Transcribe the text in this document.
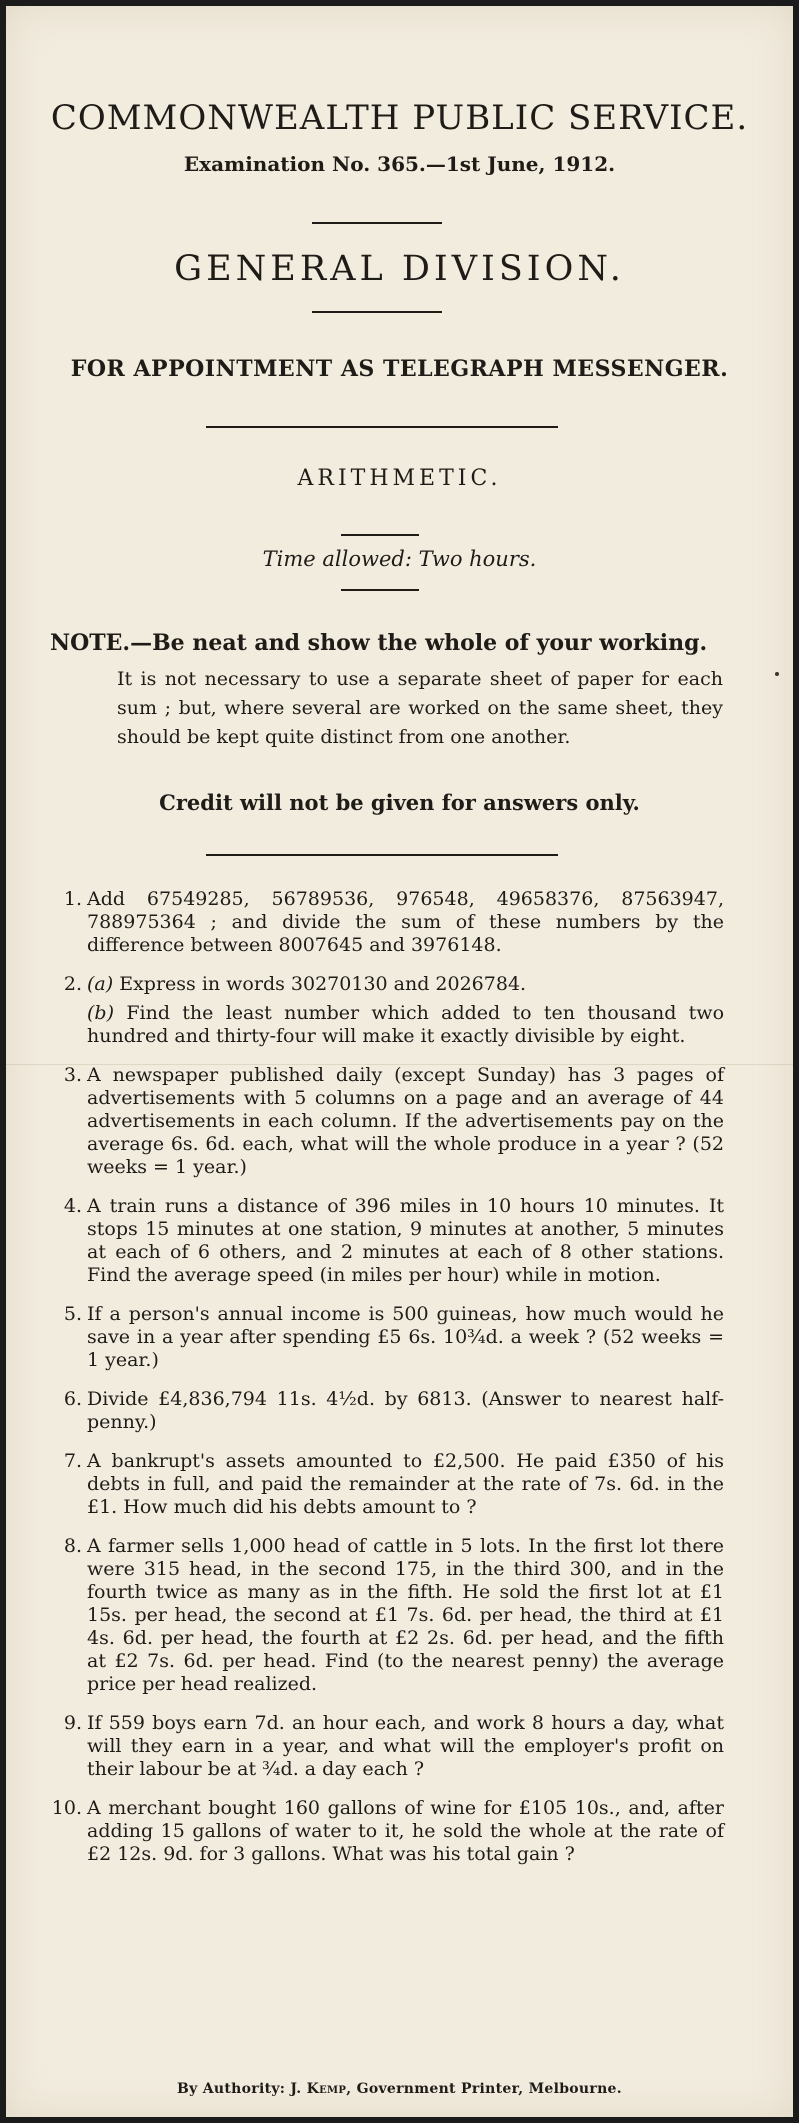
COMMONWEALTH PUBLIC SERVICE.
Examination No. 365.—1st June, 1912.
GENERAL DIVISION.
FOR APPOINTMENT AS TELEGRAPH MESSENGER.
ARITHMETIC.
Time allowed: Two hours.
NOTE.—Be neat and show the whole of your working.
It is not necessary to use a separate sheet of paper for each sum ; but, where several are worked on the same sheet, they should be kept quite distinct from one another.
Credit will not be given for answers only.
1. Add 67549285, 56789536, 976548, 49658376, 87563947, 788975364 ; and divide the sum of these numbers by the difference between 8007645 and 3976148.
2. (a) Express in words 30270130 and 2026784.
(b) Find the least number which added to ten thousand two hundred and thirty-four will make it exactly divisible by eight.
3. A newspaper published daily (except Sunday) has 3 pages of advertisements with 5 columns on a page and an average of 44 advertisements in each column. If the advertisements pay on the average 6s. 6d. each, what will the whole produce in a year ? (52 weeks = 1 year.)
4. A train runs a distance of 396 miles in 10 hours 10 minutes. It stops 15 minutes at one station, 9 minutes at another, 5 minutes at each of 6 others, and 2 minutes at each of 8 other stations. Find the average speed (in miles per hour) while in motion.
5. If a person's annual income is 500 guineas, how much would he save in a year after spending £5 6s. 10¾d. a week ? (52 weeks = 1 year.)
6. Divide £4,836,794 11s. 4½d. by 6813. (Answer to nearest half-penny.)
7. A bankrupt's assets amounted to £2,500. He paid £350 of his debts in full, and paid the remainder at the rate of 7s. 6d. in the £1. How much did his debts amount to ?
8. A farmer sells 1,000 head of cattle in 5 lots. In the first lot there were 315 head, in the second 175, in the third 300, and in the fourth twice as many as in the fifth. He sold the first lot at £1 15s. per head, the second at £1 7s. 6d. per head, the third at £1 4s. 6d. per head, the fourth at £2 2s. 6d. per head, and the fifth at £2 7s. 6d. per head. Find (to the nearest penny) the average price per head realized.
9. If 559 boys earn 7d. an hour each, and work 8 hours a day, what will they earn in a year, and what will the employer's profit on their labour be at ¾d. a day each ?
10. A merchant bought 160 gallons of wine for £105 10s., and, after adding 15 gallons of water to it, he sold the whole at the rate of £2 12s. 9d. for 3 gallons. What was his total gain ?
By Authority: J. Kemp, Government Printer, Melbourne.
